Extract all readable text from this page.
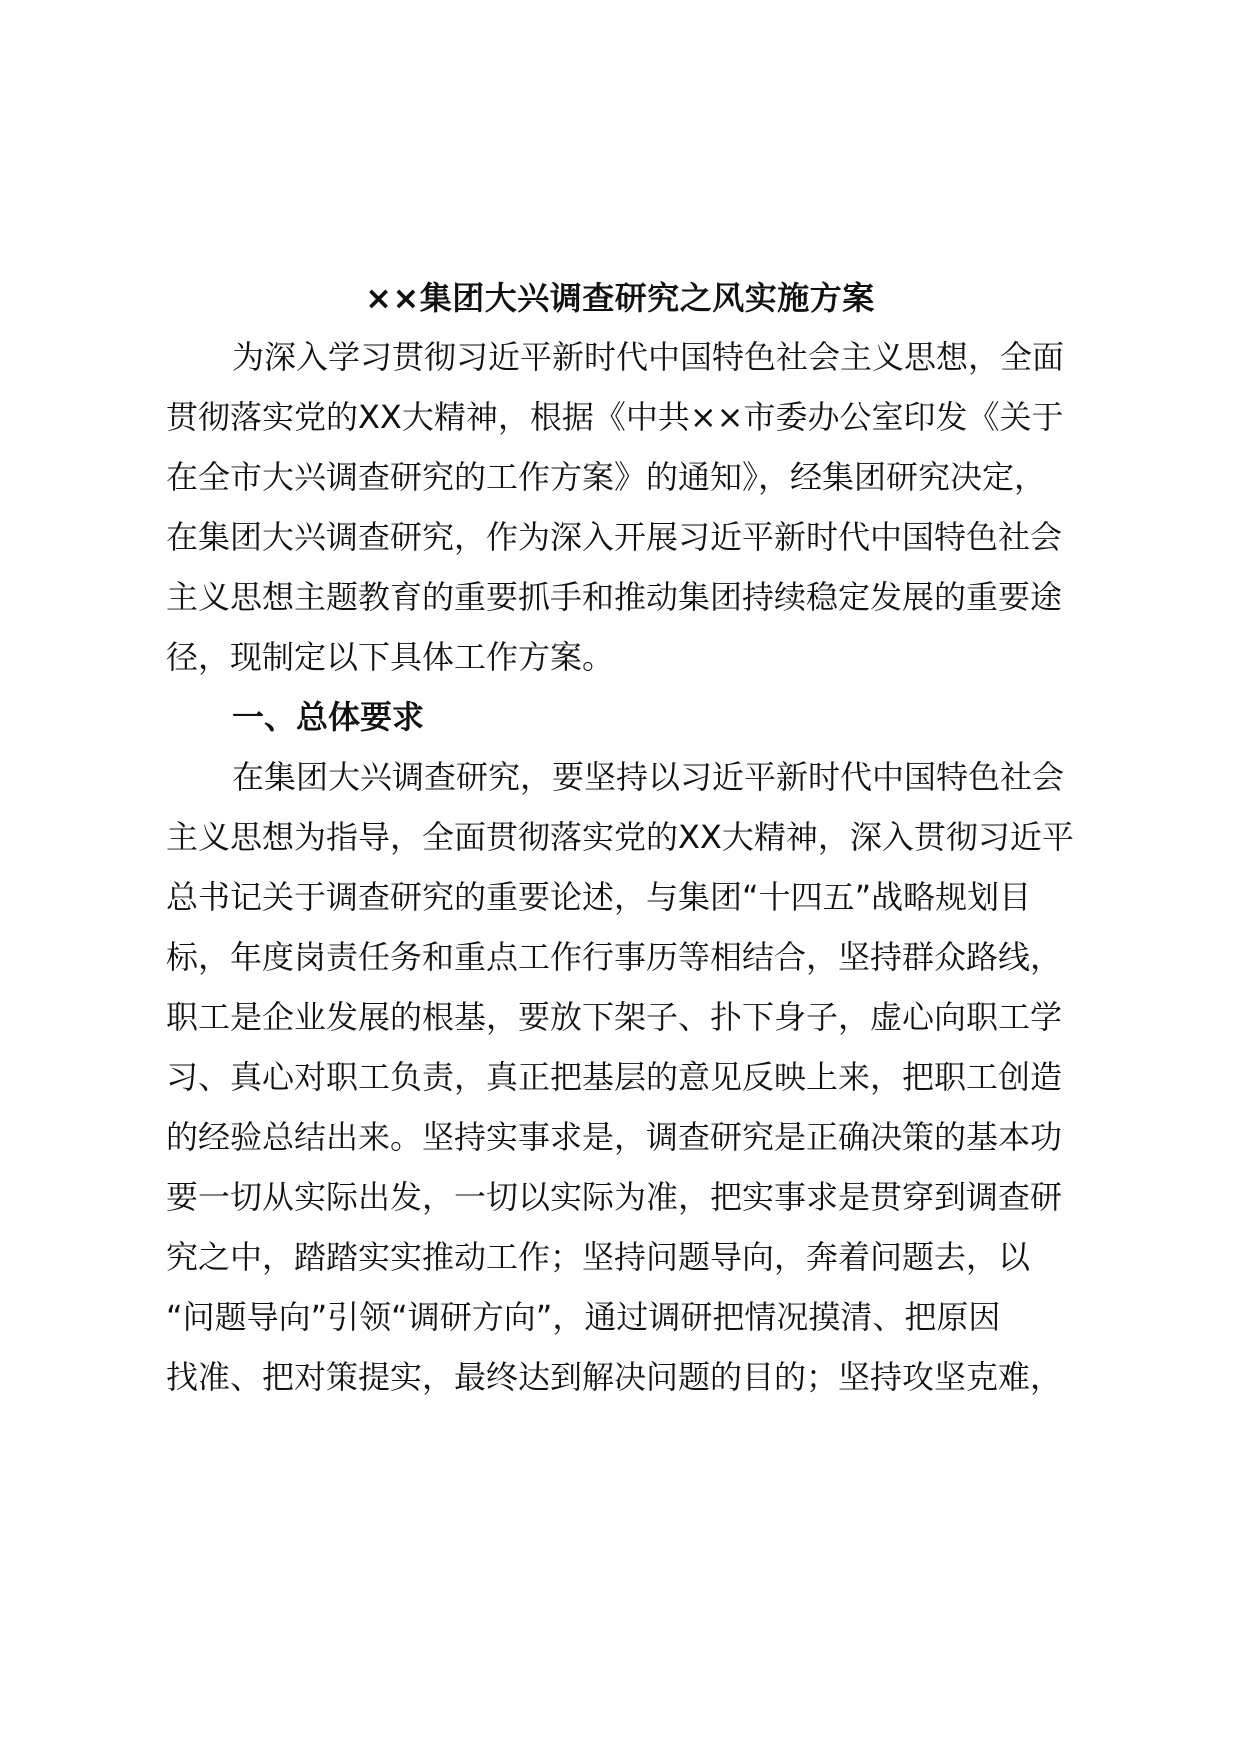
××集团大兴调查研究之风实施方案
为深入学习贯彻习近平新时代中国特色社会主义思想，全面
贯彻落实党的XX大精神，根据《中共××市委办公室印发《关于
在全市大兴调查研究的工作方案》的通知》，经集团研究决定，
在集团大兴调查研究，作为深入开展习近平新时代中国特色社会
主义思想主题教育的重要抓手和推动集团持续稳定发展的重要途
径，现制定以下具体工作方案。
一、总体要求
在集团大兴调查研究，要坚持以习近平新时代中国特色社会
主义思想为指导，全面贯彻落实党的XX大精神，深入贯彻习近平
总书记关于调查研究的重要论述，与集团“十四五”战略规划目
标，年度岗责任务和重点工作行事历等相结合，坚持群众路线，
职工是企业发展的根基，要放下架子、扑下身子，虚心向职工学
习、真心对职工负责，真正把基层的意见反映上来，把职工创造
的经验总结出来。坚持实事求是，调查研究是正确决策的基本功
要一切从实际出发，一切以实际为准，把实事求是贯穿到调查研
究之中，踏踏实实推动工作；坚持问题导向，奔着问题去，以
“问题导向”引领“调研方向”，通过调研把情况摸清、把原因
找准、把对策提实，最终达到解决问题的目的；坚持攻坚克难，
